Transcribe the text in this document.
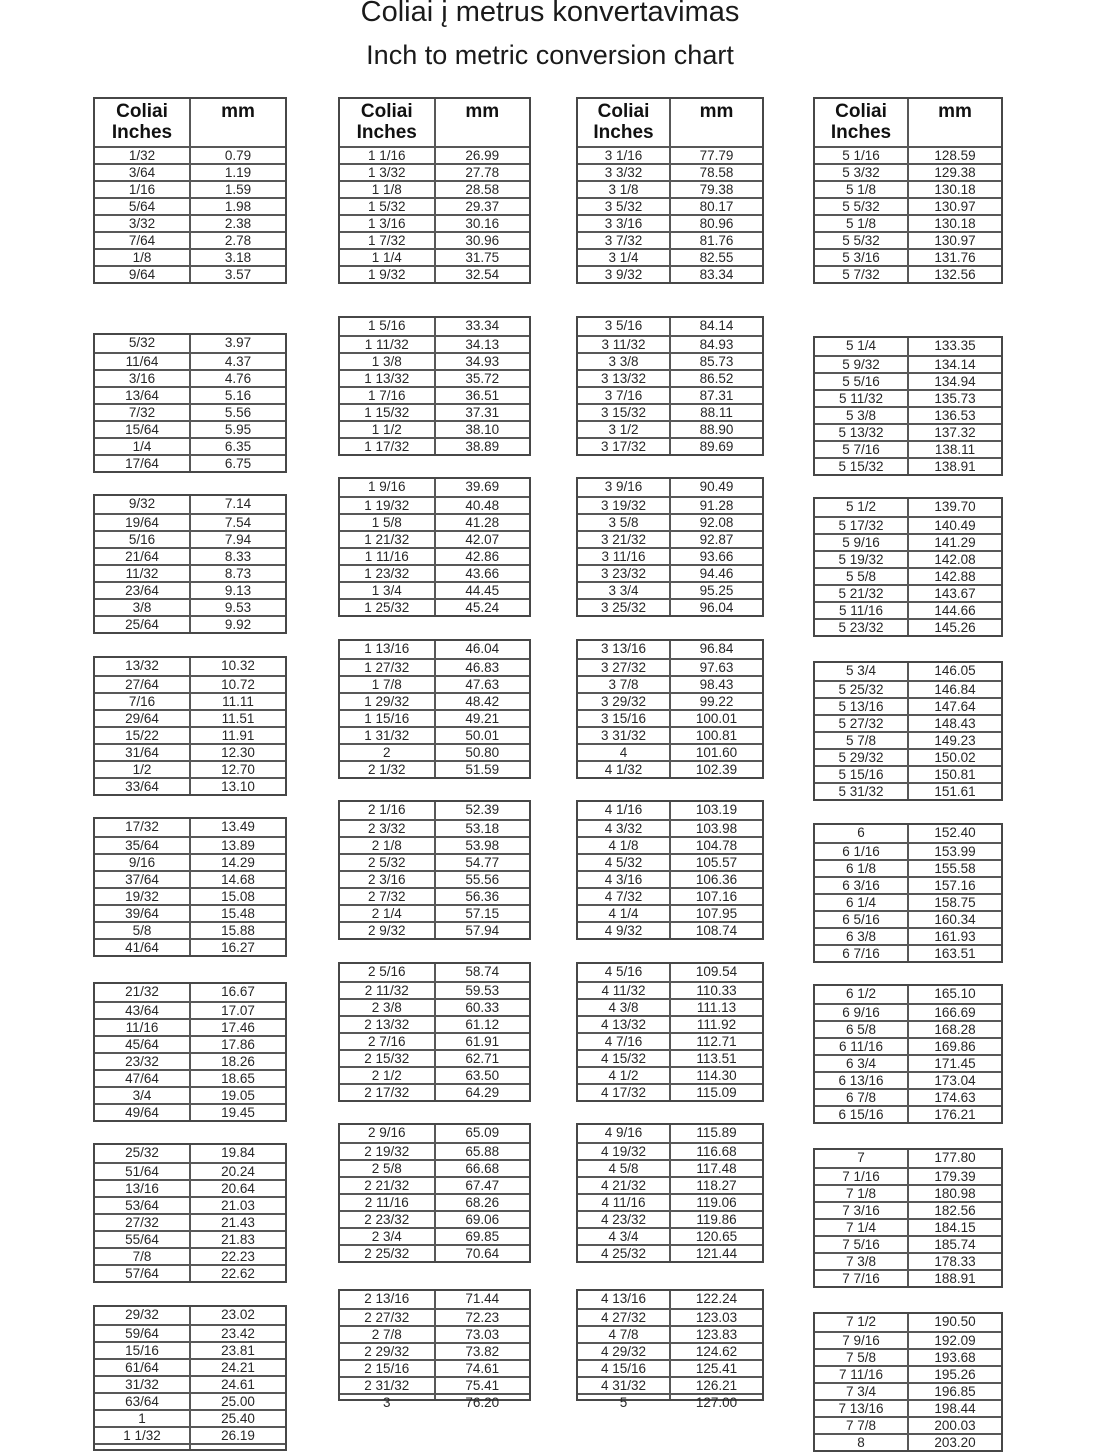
Coliai į metrus konvertavimas
Inch to metric conversion chart
Coliai
Inches
mm
1/32	0.79
3/64	1.19
1/16	1.59
5/64	1.98
3/32	2.38
7/64	2.78
1/8	3.18
9/64	3.57
5/32	3.97
11/64	4.37
3/16	4.76
13/64	5.16
7/32	5.56
15/64	5.95
1/4	6.35
17/64	6.75
9/32	7.14
19/64	7.54
5/16	7.94
21/64	8.33
11/32	8.73
23/64	9.13
3/8	9.53
25/64	9.92
13/32	10.32
27/64	10.72
7/16	11.11
29/64	11.51
15/22	11.91
31/64	12.30
1/2	12.70
33/64	13.10
17/32	13.49
35/64	13.89
9/16	14.29
37/64	14.68
19/32	15.08
39/64	15.48
5/8	15.88
41/64	16.27
21/32	16.67
43/64	17.07
11/16	17.46
45/64	17.86
23/32	18.26
47/64	18.65
3/4	19.05
49/64	19.45
25/32	19.84
51/64	20.24
13/16	20.64
53/64	21.03
27/32	21.43
55/64	21.83
7/8	22.23
57/64	22.62
29/32	23.02
59/64	23.42
15/16	23.81
61/64	24.21
31/32	24.61
63/64	25.00
1	25.40
1 1/32	26.19
Coliai
Inches
mm
1 1/16	26.99
1 3/32	27.78
1 1/8	28.58
1 5/32	29.37
1 3/16	30.16
1 7/32	30.96
1 1/4	31.75
1 9/32	32.54
1 5/16	33.34
1 11/32	34.13
1 3/8	34.93
1 13/32	35.72
1 7/16	36.51
1 15/32	37.31
1 1/2	38.10
1 17/32	38.89
1 9/16	39.69
1 19/32	40.48
1 5/8	41.28
1 21/32	42.07
1 11/16	42.86
1 23/32	43.66
1 3/4	44.45
1 25/32	45.24
1 13/16	46.04
1 27/32	46.83
1 7/8	47.63
1 29/32	48.42
1 15/16	49.21
1 31/32	50.01
2	50.80
2 1/32	51.59
2 1/16	52.39
2 3/32	53.18
2 1/8	53.98
2 5/32	54.77
2 3/16	55.56
2 7/32	56.36
2 1/4	57.15
2 9/32	57.94
2 5/16	58.74
2 11/32	59.53
2 3/8	60.33
2 13/32	61.12
2 7/16	61.91
2 15/32	62.71
2 1/2	63.50
2 17/32	64.29
2 9/16	65.09
2 19/32	65.88
2 5/8	66.68
2 21/32	67.47
2 11/16	68.26
2 23/32	69.06
2 3/4	69.85
2 25/32	70.64
2 13/16	71.44
2 27/32	72.23
2 7/8	73.03
2 29/32	73.82
2 15/16	74.61
2 31/32	75.41
3	76.20
Coliai
Inches
mm
3 1/16	77.79
3 3/32	78.58
3 1/8	79.38
3 5/32	80.17
3 3/16	80.96
3 7/32	81.76
3 1/4	82.55
3 9/32	83.34
3 5/16	84.14
3 11/32	84.93
3 3/8	85.73
3 13/32	86.52
3 7/16	87.31
3 15/32	88.11
3 1/2	88.90
3 17/32	89.69
3 9/16	90.49
3 19/32	91.28
3 5/8	92.08
3 21/32	92.87
3 11/16	93.66
3 23/32	94.46
3 3/4	95.25
3 25/32	96.04
3 13/16	96.84
3 27/32	97.63
3 7/8	98.43
3 29/32	99.22
3 15/16	100.01
3 31/32	100.81
4	101.60
4 1/32	102.39
4 1/16	103.19
4 3/32	103.98
4 1/8	104.78
4 5/32	105.57
4 3/16	106.36
4 7/32	107.16
4 1/4	107.95
4 9/32	108.74
4 5/16	109.54
4 11/32	110.33
4 3/8	111.13
4 13/32	111.92
4 7/16	112.71
4 15/32	113.51
4 1/2	114.30
4 17/32	115.09
4 9/16	115.89
4 19/32	116.68
4 5/8	117.48
4 21/32	118.27
4 11/16	119.06
4 23/32	119.86
4 3/4	120.65
4 25/32	121.44
4 13/16	122.24
4 27/32	123.03
4 7/8	123.83
4 29/32	124.62
4 15/16	125.41
4 31/32	126.21
5	127.00
Coliai
Inches
mm
5 1/16	128.59
5 3/32	129.38
5 1/8	130.18
5 5/32	130.97
5 1/8	130.18
5 5/32	130.97
5 3/16	131.76
5 7/32	132.56
5 1/4	133.35
5 9/32	134.14
5 5/16	134.94
5 11/32	135.73
5 3/8	136.53
5 13/32	137.32
5 7/16	138.11
5 15/32	138.91
5 1/2	139.70
5 17/32	140.49
5 9/16	141.29
5 19/32	142.08
5 5/8	142.88
5 21/32	143.67
5 11/16	144.66
5 23/32	145.26
5 3/4	146.05
5 25/32	146.84
5 13/16	147.64
5 27/32	148.43
5 7/8	149.23
5 29/32	150.02
5 15/16	150.81
5 31/32	151.61
6	152.40
6 1/16	153.99
6 1/8	155.58
6 3/16	157.16
6 1/4	158.75
6 5/16	160.34
6 3/8	161.93
6 7/16	163.51
6 1/2	165.10
6 9/16	166.69
6 5/8	168.28
6 11/16	169.86
6 3/4	171.45
6 13/16	173.04
6 7/8	174.63
6 15/16	176.21
7	177.80
7 1/16	179.39
7 1/8	180.98
7 3/16	182.56
7 1/4	184.15
7 5/16	185.74
7 3/8	178.33
7 7/16	188.91
7 1/2	190.50
7 9/16	192.09
7 5/8	193.68
7 11/16	195.26
7 3/4	196.85
7 13/16	198.44
7 7/8	200.03
8	203.20
